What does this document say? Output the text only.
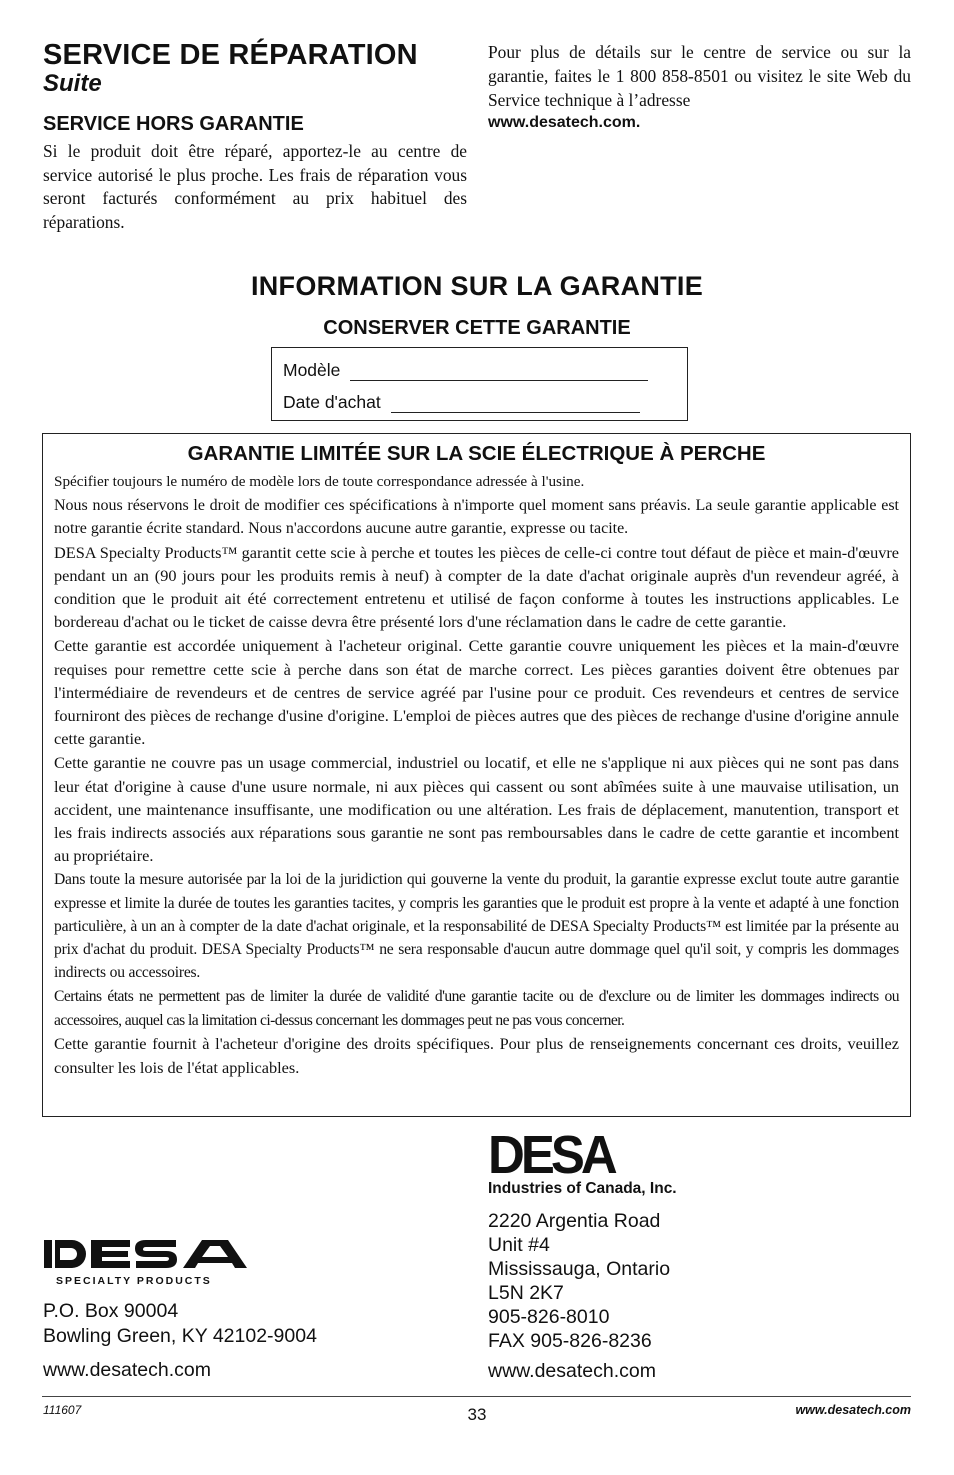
SERVICE DE RÉPARATION
Suite
SERVICE HORS GARANTIE
Si le produit doit être réparé, apportez-le au centre de service autorisé le plus proche. Les frais de réparation vous seront facturés conformément au prix habituel des réparations.
Pour plus de détails sur le centre de service ou sur la garantie, faites le 1 800 858-8501 ou visitez le site Web du Service technique à l’adresse
www.desatech.com.
INFORMATION SUR LA GARANTIE
CONSERVER CETTE GARANTIE
Modèle
Date d'achat
GARANTIE LIMITÉE SUR LA SCIE ÉLECTRIQUE À PERCHE

Spécifier toujours le numéro de modèle lors de toute correspondance adressée à l'usine.

Nous nous réservons le droit de modifier ces spécifications à n'importe quel moment sans préavis. La seule garantie applicable est notre garantie écrite standard. Nous n'accordons aucune autre garantie, expresse ou tacite.

DESA Specialty Products™ garantit cette scie à perche et toutes les pièces de celle-ci contre tout défaut de pièce et main-d'œuvre pendant un an (90 jours pour les produits remis à neuf) à compter de la date d'achat originale auprès d'un revendeur agréé, à condition que le produit ait été correctement entretenu et utilisé de façon conforme à toutes les instructions applicables. Le bordereau d'achat ou le ticket de caisse devra être présenté lors d'une réclamation dans le cadre de cette garantie.

Cette garantie est accordée uniquement à l'acheteur original. Cette garantie couvre uniquement les pièces et la main-d'œuvre requises pour remettre cette scie à perche dans son état de marche correct. Les pièces garanties doivent être obtenues par l'intermédiaire de revendeurs et de centres de service agréé par l'usine pour ce produit. Ces revendeurs et centres de service fourniront des pièces de rechange d'usine d'origine. L'emploi de pièces autres que des pièces de rechange d'usine d'origine annule cette garantie.

Cette garantie ne couvre pas un usage commercial, industriel ou locatif, et elle ne s'applique ni aux pièces qui ne sont pas dans leur état d'origine à cause d'une usure normale, ni aux pièces qui cassent ou sont abîmées suite à une mauvaise utilisation, un accident, une maintenance insuffisante, une modification ou une altération. Les frais de déplacement, manutention, transport et les frais indirects associés aux réparations sous garantie ne sont pas remboursables dans le cadre de cette garantie et incombent au propriétaire.

Dans toute la mesure autorisée par la loi de la juridiction qui gouverne la vente du produit, la garantie expresse exclut toute autre garantie expresse et limite la durée de toutes les garanties tacites, y compris les garanties que le produit est propre à la vente et adapté à une fonction particulière, à un an à compter de la date d'achat originale, et la responsabilité de DESA Specialty Products™ est limitée par la présente au prix d'achat du produit. DESA Specialty Products™ ne sera responsable d'aucun autre dommage quel qu'il soit, y compris les dommages indirects ou accessoires.

Certains états ne permettent pas de limiter la durée de validité d'une garantie tacite ou de d'exclure ou de limiter les dommages indirects ou accessoires, auquel cas la limitation ci-dessus concernant les dommages peut ne pas vous concerner.

Cette garantie fournit à l'acheteur d'origine des droits spécifiques. Pour plus de renseignements concernant ces droits, veuillez consulter les lois de l'état applicables.

DESA
Industries of Canada, Inc.
2220 Argentia Road
Unit #4
Mississauga, Ontario
L5N 2K7
905-826-8010
FAX 905-826-8236
www.desatech.com
SPECIALTY PRODUCTS
P.O. Box 90004
Bowling Green, KY 42102-9004
www.desatech.com
111607	33	www.desatech.com
